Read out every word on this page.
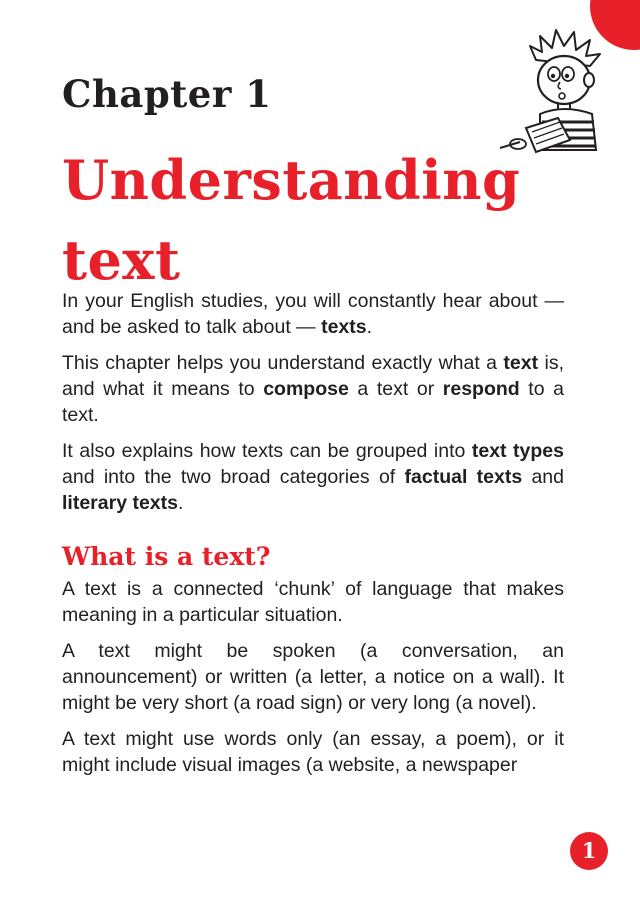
Chapter 1
Understanding
text

In your English studies, you will constantly hear about — and be asked to talk about — texts.

This chapter helps you understand exactly what a text is, and what it means to compose a text or respond to a text.

It also explains how texts can be grouped into text types and into the two broad categories of factual texts and literary texts.

What is a text?

A text is a connected ‘chunk’ of language that makes meaning in a particular situation.

A text might be spoken (a conversation, an announcement) or written (a letter, a notice on a wall). It might be very short (a road sign) or very long (a novel).

A text might use words only (an essay, a poem), or it might include visual images (a website, a newspaper

1
